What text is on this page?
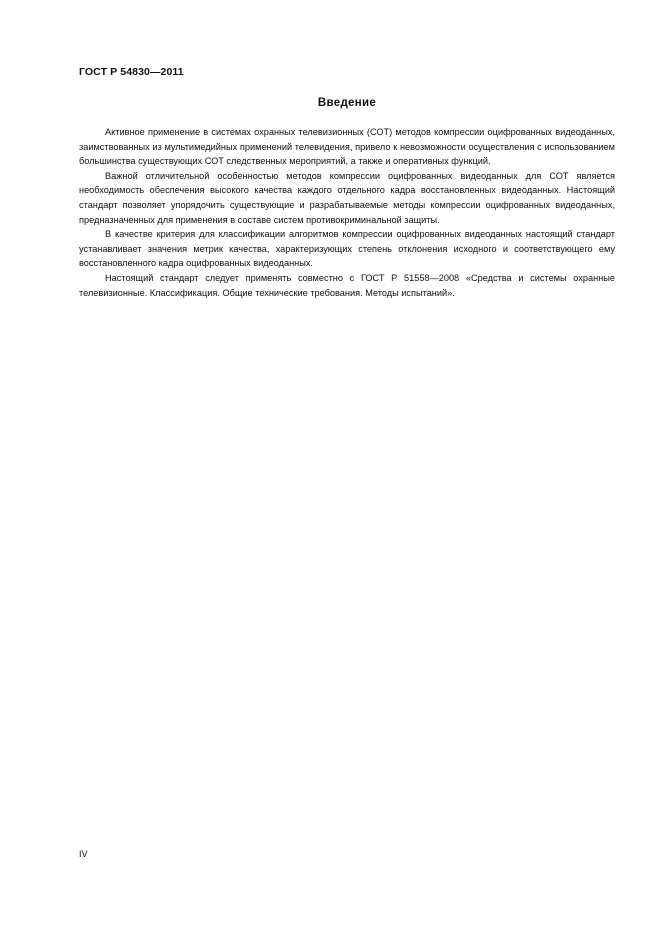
ГОСТ Р 54830—2011
Введение

Активное применение в системах охранных телевизионных (СОТ) методов компрессии оцифрованных видеоданных, заимствованных из мультимедийных применений телевидения, привело к невозможности осуществления с использованием большинства существующих СОТ следственных мероприятий, а также и оперативных функций.

Важной отличительной особенностью методов компрессии оцифрованных видеоданных для СОТ является необходимость обеспечения высокого качества каждого отдельного кадра восстановленных видеоданных. Настоящий стандарт позволяет упорядочить существующие и разрабатываемые методы компрессии оцифрованных видеоданных, предназначенных для применения в составе систем противокриминальной защиты.

В качестве критерия для классификации алгоритмов компрессии оцифрованных видеоданных настоящий стандарт устанавливает значения метрик качества, характеризующих степень отклонения исходного и соответствующего ему восстановленного кадра оцифрованных видеоданных.

Настоящий стандарт следует применять совместно с ГОСТ Р 51558—2008 «Средства и системы охранные телевизионные. Классификация. Общие технические требования. Методы испытаний».

IV
